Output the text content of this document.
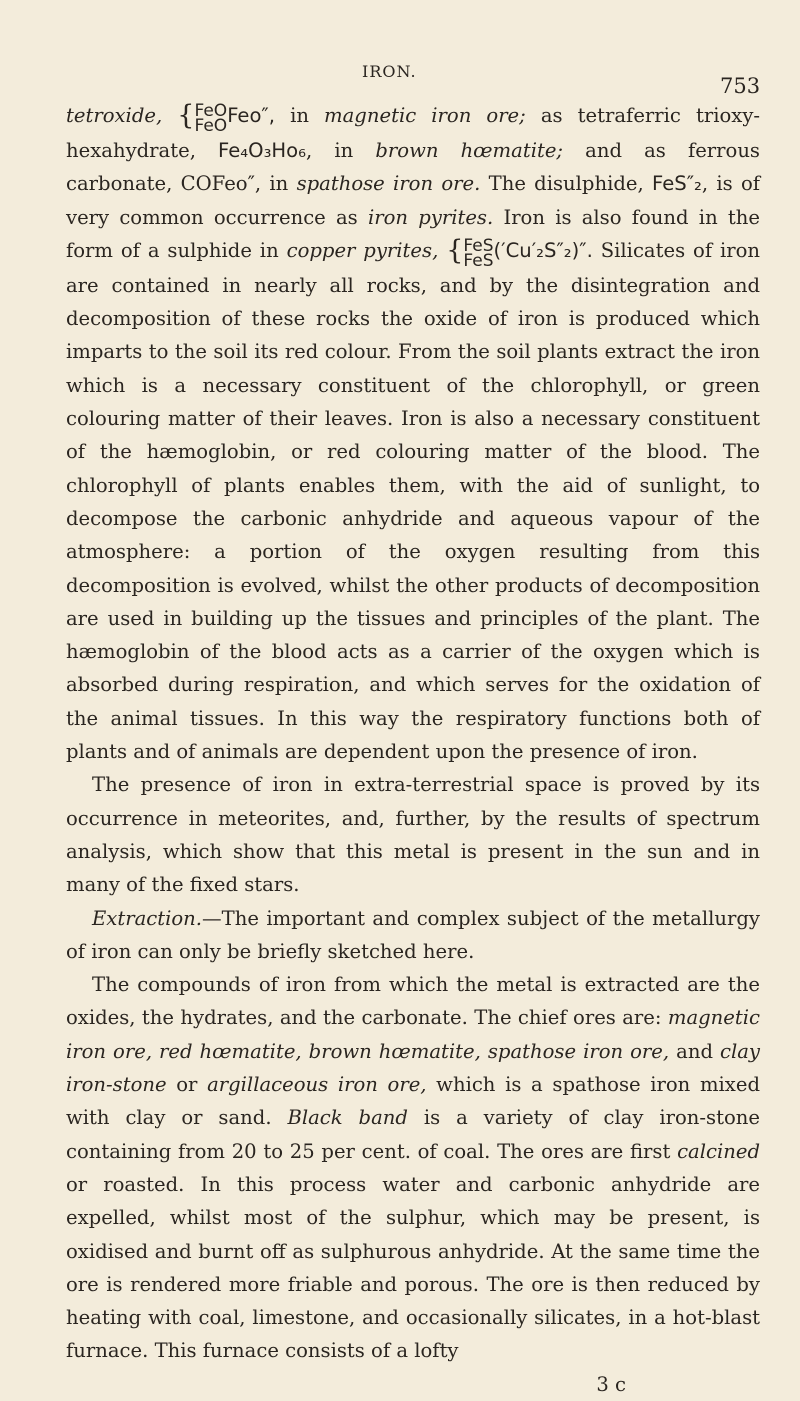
IRON.
753

tetroxide, { FeO
FeO Feo″, in magnetic iron ore; as tetraferric trioxy-hexahydrate, Fe₄O₃Ho₆, in brown hœmatite; and as ferrous carbonate, COFeo″, in spathose iron ore. The disulphide, FeS″₂, is of very common occurrence as iron pyrites. Iron is also found in the form of a sulphide in copper pyrites, { FeS
FeS (′Cu′₂S″₂)″. Silicates of iron are contained in nearly all rocks, and by the disintegration and decomposition of these rocks the oxide of iron is produced which imparts to the soil its red colour. From the soil plants extract the iron which is a necessary constituent of the chlorophyll, or green colouring matter of their leaves. Iron is also a necessary constituent of the hæmoglobin, or red colouring matter of the blood. The chlorophyll of plants enables them, with the aid of sunlight, to decompose the carbonic anhydride and aqueous vapour of the atmosphere: a portion of the oxygen resulting from this decomposition is evolved, whilst the other products of decomposition are used in building up the tissues and principles of the plant. The hæmoglobin of the blood acts as a carrier of the oxygen which is absorbed during respiration, and which serves for the oxidation of the animal tissues. In this way the respiratory functions both of plants and of animals are dependent upon the presence of iron.

The presence of iron in extra-terrestrial space is proved by its occurrence in meteorites, and, further, by the results of spectrum analysis, which show that this metal is present in the sun and in many of the fixed stars.

Extraction.—The important and complex subject of the metallurgy of iron can only be briefly sketched here.

The compounds of iron from which the metal is extracted are the oxides, the hydrates, and the carbonate. The chief ores are: magnetic iron ore, red hœmatite, brown hœmatite, spathose iron ore, and clay iron-stone or argillaceous iron ore, which is a spathose iron mixed with clay or sand. Black band is a variety of clay iron-stone containing from 20 to 25 per cent. of coal. The ores are first calcined or roasted. In this process water and carbonic anhydride are expelled, whilst most of the sulphur, which may be present, is oxidised and burnt off as sulphurous anhydride. At the same time the ore is rendered more friable and porous. The ore is then reduced by heating with coal, limestone, and occasionally silicates, in a hot-blast furnace. This furnace consists of a lofty

3 c
